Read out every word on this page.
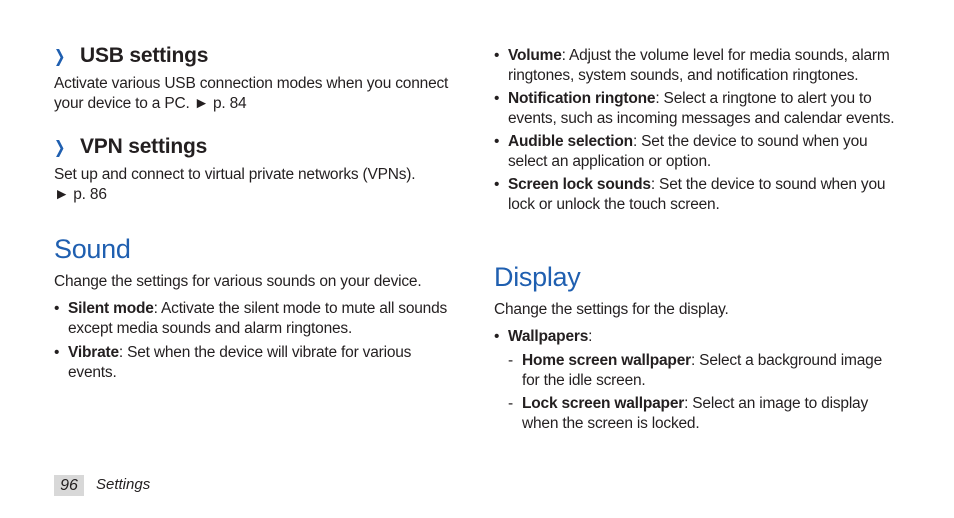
❯ USB settings
Activate various USB connection modes when you connect your device to a PC. ► p. 84
❯ VPN settings
Set up and connect to virtual private networks (VPNs).
► p. 86
Sound
Change the settings for various sounds on your device.
• Silent mode: Activate the silent mode to mute all sounds except media sounds and alarm ringtones.
• Vibrate: Set when the device will vibrate for various events.
• Volume: Adjust the volume level for media sounds, alarm ringtones, system sounds, and notification ringtones.
• Notification ringtone: Select a ringtone to alert you to events, such as incoming messages and calendar events.
• Audible selection: Set the device to sound when you select an application or option.
• Screen lock sounds: Set the device to sound when you lock or unlock the touch screen.
Display
Change the settings for the display.
• Wallpapers:
- Home screen wallpaper: Select a background image for the idle screen.
- Lock screen wallpaper: Select an image to display when the screen is locked.
96	Settings
